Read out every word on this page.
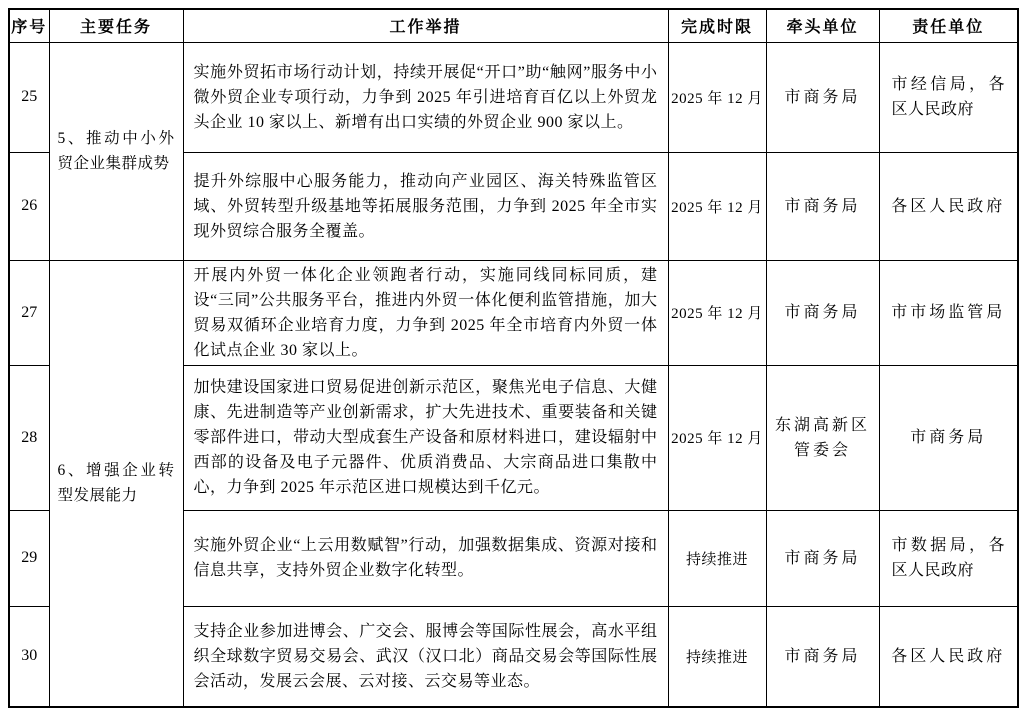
序号	主要任务	工作举措	完成时限	牵头单位	责任单位
25	5、推动中小外贸企业集群成势	实施外贸拓市场行动计划，持续开展促“开口”助“触网”服务中小微外贸企业专项行动，力争到 2025 年引进培育百亿以上外贸龙头企业 10 家以上、新增有出口实绩的外贸企业 900 家以上。	2025 年 12 月	市商务局	市经信局，各区人民政府
26		提升外综服中心服务能力，推动向产业园区、海关特殊监管区域、外贸转型升级基地等拓展服务范围，力争到 2025 年全市实现外贸综合服务全覆盖。	2025 年 12 月	市商务局	各区人民政府
27	6、增强企业转型发展能力	开展内外贸一体化企业领跑者行动，实施同线同标同质，建设“三同”公共服务平台，推进内外贸一体化便利监管措施，加大贸易双循环企业培育力度，力争到 2025 年全市培育内外贸一体化试点企业 30 家以上。	2025 年 12 月	市商务局	市市场监管局
28		加快建设国家进口贸易促进创新示范区，聚焦光电子信息、大健康、先进制造等产业创新需求，扩大先进技术、重要装备和关键零部件进口，带动大型成套生产设备和原材料进口，建设辐射中西部的设备及电子元器件、优质消费品、大宗商品进口集散中心，力争到 2025 年示范区进口规模达到千亿元。	2025 年 12 月	东湖高新区管委会	市商务局
29		实施外贸企业“上云用数赋智”行动，加强数据集成、资源对接和信息共享，支持外贸企业数字化转型。	持续推进	市商务局	市数据局，各区人民政府
30		支持企业参加进博会、广交会、服博会等国际性展会，高水平组织全球数字贸易交易会、武汉（汉口北）商品交易会等国际性展会活动，发展云会展、云对接、云交易等业态。	持续推进	市商务局	各区人民政府
